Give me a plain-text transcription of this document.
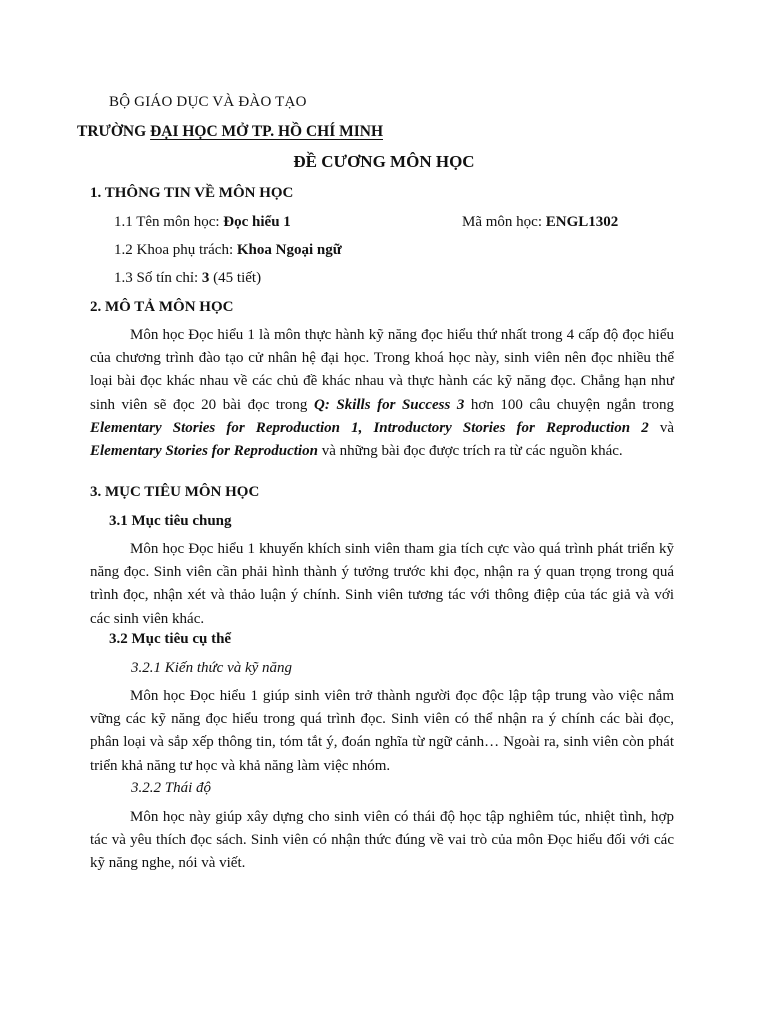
BỘ GIÁO DỤC VÀ ĐÀO TẠO
TRƯỜNG ĐẠI HỌC MỞ TP. HỒ CHÍ MINH
ĐỀ CƯƠNG MÔN HỌC
1. THÔNG TIN VỀ MÔN HỌC
1.1 Tên môn học: Đọc hiểu 1	Mã môn học: ENGL1302
1.2 Khoa phụ trách: Khoa Ngoại ngữ
1.3 Số tín chỉ: 3 (45 tiết)
2. MÔ TẢ MÔN HỌC

Môn học Đọc hiểu 1 là môn thực hành kỹ năng đọc hiểu thứ nhất trong 4 cấp độ đọc hiểu của chương trình đào tạo cử nhân hệ đại học. Trong khoá học này, sinh viên nên đọc nhiều thể loại bài đọc khác nhau về các chủ đề khác nhau và thực hành các kỹ năng đọc. Chẳng hạn như sinh viên sẽ đọc 20 bài đọc trong Q: Skills for Success 3 hơn 100 câu chuyện ngắn trong Elementary Stories for Reproduction 1, Introductory Stories for Reproduction 2 và Elementary Stories for Reproduction và những bài đọc được trích ra từ các nguồn khác.

3. MỤC TIÊU MÔN HỌC
3.1 Mục tiêu chung

Môn học Đọc hiểu 1 khuyến khích sinh viên tham gia tích cực vào quá trình phát triển kỹ năng đọc. Sinh viên cần phải hình thành ý tưởng trước khi đọc, nhận ra ý quan trọng trong quá trình đọc, nhận xét và thảo luận ý chính. Sinh viên tương tác với thông điệp của tác giả và với các sinh viên khác.

3.2 Mục tiêu cụ thể
3.2.1 Kiến thức và kỹ năng

Môn học Đọc hiểu 1 giúp sinh viên trở thành người đọc độc lập tập trung vào việc nắm vững các kỹ năng đọc hiểu trong quá trình đọc. Sinh viên có thể nhận ra ý chính các bài đọc, phân loại và sắp xếp thông tin, tóm tắt ý, đoán nghĩa từ ngữ cảnh… Ngoài ra, sinh viên còn phát triển khả năng tư học và khả năng làm việc nhóm.

3.2.2 Thái độ

Môn học này giúp xây dựng cho sinh viên có thái độ học tập nghiêm túc, nhiệt tình, hợp tác và yêu thích đọc sách. Sinh viên có nhận thức đúng về vai trò của môn Đọc hiểu đối với các kỹ năng nghe, nói và viết.
